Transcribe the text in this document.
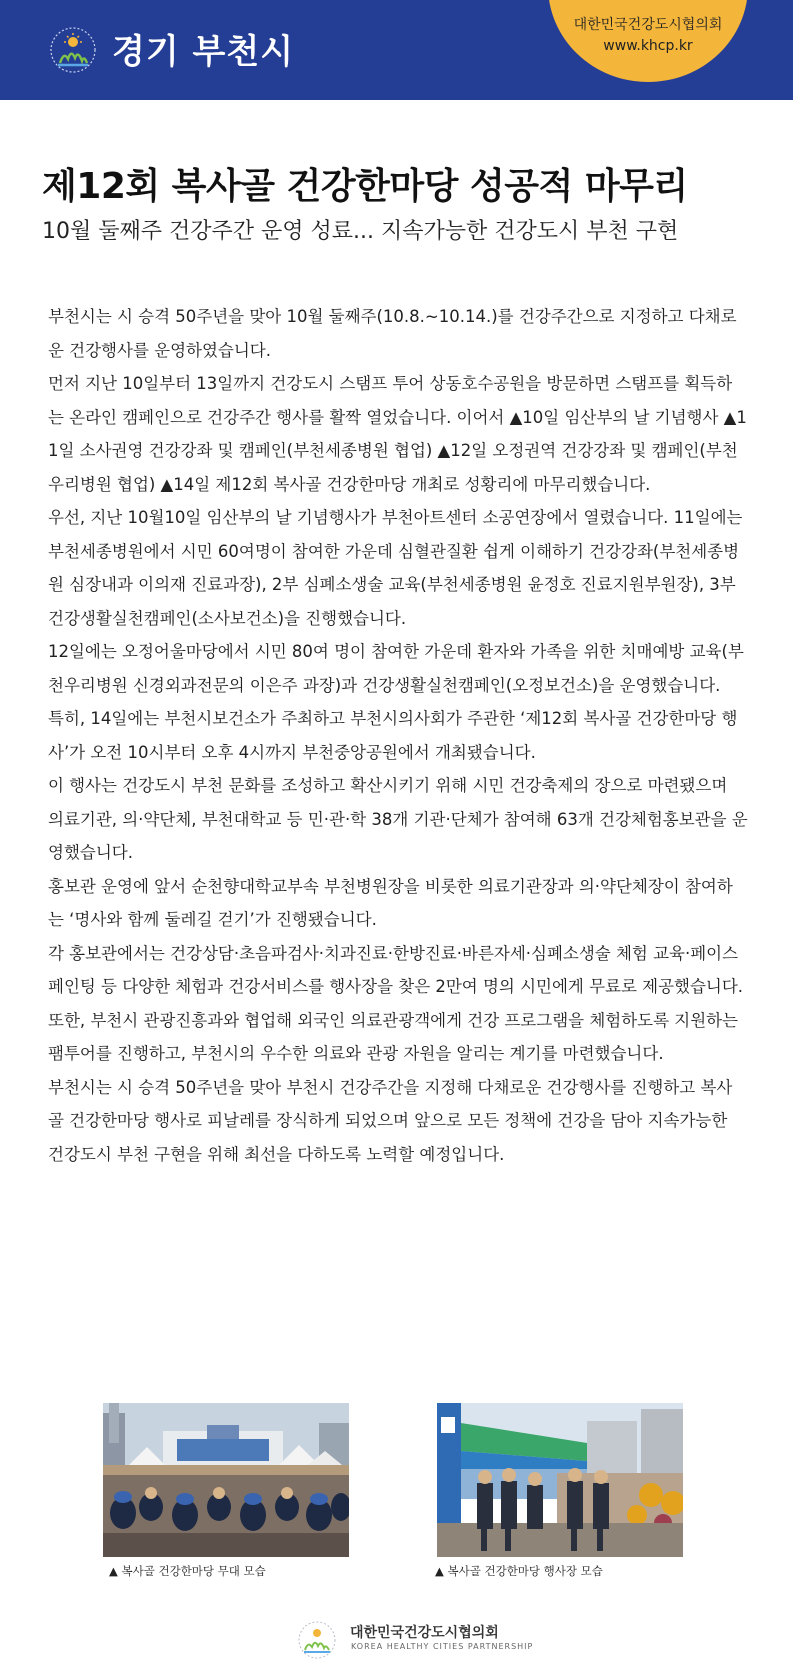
경기 부천시
대한민국건강도시협의회
www.khcp.kr
제12회 복사골 건강한마당 성공적 마무리
10월 둘째주 건강주간 운영 성료... 지속가능한 건강도시 부천 구현

부천시는 시 승격 50주년을 맞아 10월 둘째주(10.8.~10.14.)를 건강주간으로 지정하고 다채로운 건강행사를 운영하였습니다.

먼저 지난 10일부터 13일까지 건강도시 스탬프 투어 상동호수공원을 방문하면 스탬프를 획득하는 온라인 캠페인으로 건강주간 행사를 활짝 열었습니다. 이어서 ▲10일 임산부의 날 기념행사 ▲11일 소사권영 건강강좌 및 캠페인(부천세종병원 협업) ▲12일 오정권역 건강강좌 및 캠페인(부천우리병원 협업) ▲14일 제12회 복사골 건강한마당 개최로 성황리에 마무리했습니다.

우선, 지난 10월10일 임산부의 날 기념행사가 부천아트센터 소공연장에서 열렸습니다. 11일에는 부천세종병원에서 시민 60여명이 참여한 가운데 심혈관질환 쉽게 이해하기 건강강좌(부천세종병원 심장내과 이의재 진료과장), 2부 심폐소생술 교육(부천세종병원 윤정호 진료지원부원장), 3부 건강생활실천캠페인(소사보건소)을 진행했습니다.

12일에는 오정어울마당에서 시민 80여 명이 참여한 가운데 환자와 가족을 위한 치매예방 교육(부천우리병원 신경외과전문의 이은주 과장)과 건강생활실천캠페인(오정보건소)을 운영했습니다.

특히, 14일에는 부천시보건소가 주최하고 부천시의사회가 주관한 ‘제12회 복사골 건강한마당 행사’가 오전 10시부터 오후 4시까지 부천중앙공원에서 개최됐습니다.

이 행사는 건강도시 부천 문화를 조성하고 확산시키기 위해 시민 건강축제의 장으로 마련됐으며 의료기관, 의·약단체, 부천대학교 등 민·관·학 38개 기관·단체가 참여해 63개 건강체험홍보관을 운영했습니다.

홍보관 운영에 앞서 순천향대학교부속 부천병원장을 비롯한 의료기관장과 의·약단체장이 참여하는 ‘명사와 함께 둘레길 걷기’가 진행됐습니다.

각 홍보관에서는 건강상담·초음파검사·치과진료·한방진료·바른자세·심폐소생술 체험 교육·페이스 페인팅 등 다양한 체험과 건강서비스를 행사장을 찾은 2만여 명의 시민에게 무료로 제공했습니다.

또한, 부천시 관광진흥과와 협업해 외국인 의료관광객에게 건강 프로그램을 체험하도록 지원하는 팸투어를 진행하고, 부천시의 우수한 의료와 관광 자원을 알리는 계기를 마련했습니다.

부천시는 시 승격 50주년을 맞아 부천시 건강주간을 지정해 다채로운 건강행사를 진행하고 복사골 건강한마당 행사로 피날레를 장식하게 되었으며 앞으로 모든 정책에 건강을 담아 지속가능한 건강도시 부천 구현을 위해 최선을 다하도록 노력할 예정입니다.

▲ 복사골 건강한마당 무대 모습	▲ 복사골 건강한마당 행사장 모습
대한민국건강도시협의회
KOREA HEALTHY CITIES PARTNERSHIP
